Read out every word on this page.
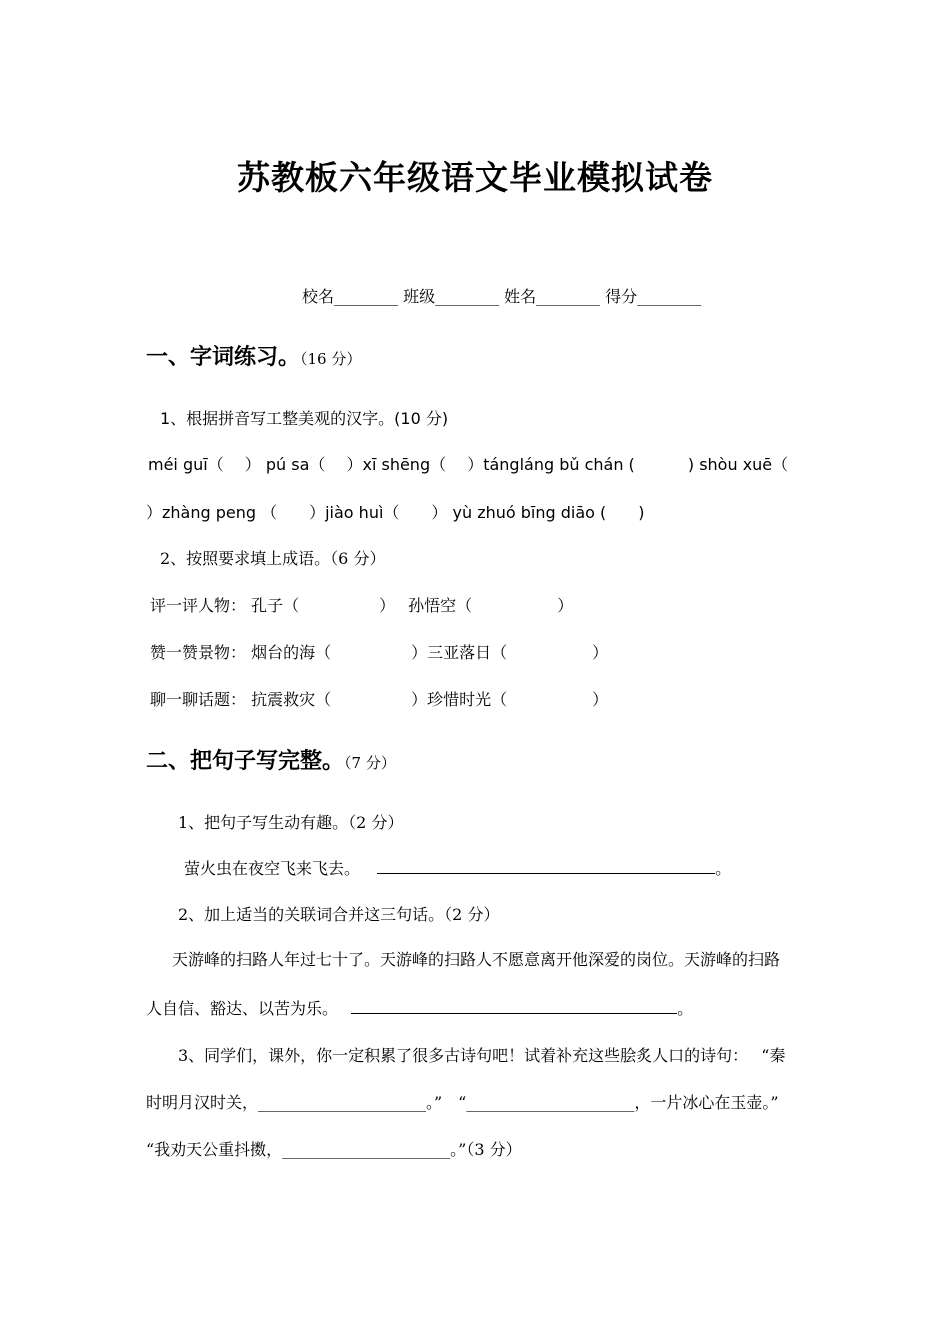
苏教板六年级语文毕业模拟试卷
校名________ 班级________ 姓名________ 得分________
一、字词练习。（16 分）
1、根据拼音写工整美观的汉字。(10 分)
méi guī（　 ） pú sa（　 ）xī shēng（　 ）tángláng bǔ chán (　　　 ) shòu xuē（
）zhàng peng （　　）jiào huì（　　） yù zhuó bīng diāo (　　)
2、按照要求填上成语。（6 分）
评一评人物： 孔子（　　　　　）　 孙悟空（　　　　　 ）
赞一赞景物： 烟台的海（　　　　　）三亚落日（　　　　　 ）
聊一聊话题： 抗震救灾（　　　　　）珍惜时光（　　　　　 ）
二、把句子写完整。（7 分）
1、把句子写生动有趣。（2 分）
萤火虫在夜空飞来飞去。	。
2、加上适当的关联词合并这三句话。（2 分）
天游峰的扫路人年过七十了。天游峰的扫路人不愿意离开他深爱的岗位。天游峰的扫路
人自信、豁达、以苦为乐。	。
3、同学们，课外，你一定积累了很多古诗句吧！试着补充这些脍炙人口的诗句：　 “秦
时明月汉时关，_____________________。”　“_____________________，一片冰心在玉壶。”
“我劝天公重抖擞，_____________________。”（3 分）
